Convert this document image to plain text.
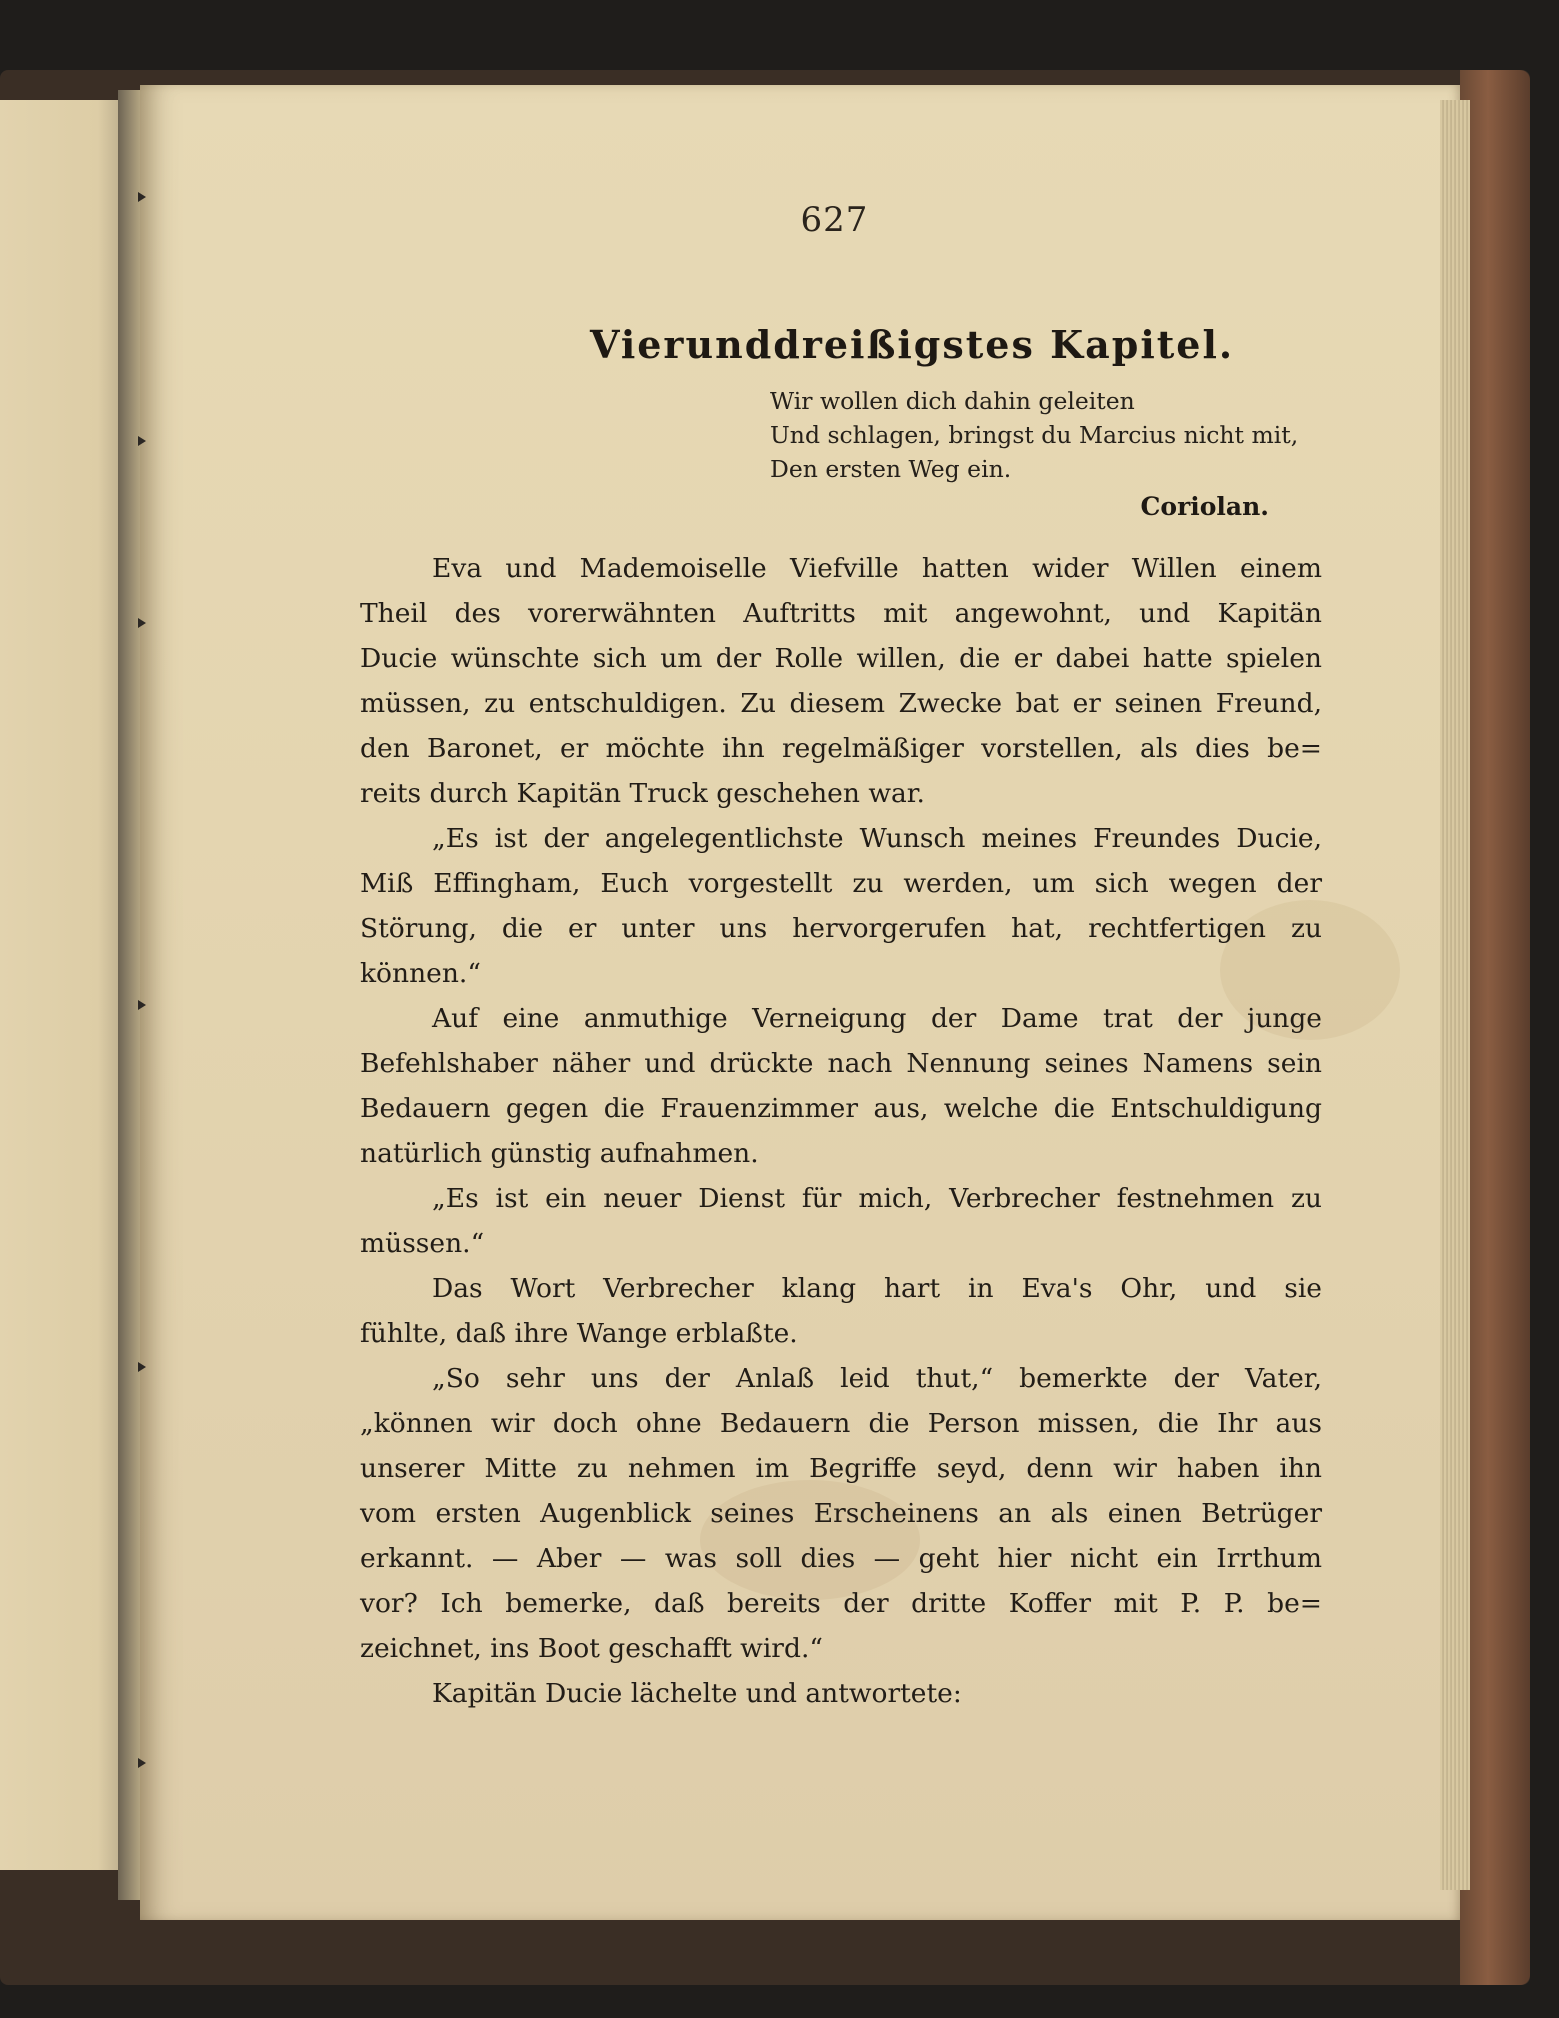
627
Vierunddreißigstes Kapitel.
Wir wollen dich dahin geleiten
Und schlagen, bringst du Marcius nicht mit,
Den ersten Weg ein.
Coriolan.
Eva und Mademoiselle Viefville hatten wider Willen einem
Theil des vorerwähnten Auftritts mit angewohnt, und Kapitän
Ducie wünschte sich um der Rolle willen, die er dabei hatte spielen
müssen, zu entschuldigen. Zu diesem Zwecke bat er seinen Freund,
den Baronet, er möchte ihn regelmäßiger vorstellen, als dies be=
reits durch Kapitän Truck geschehen war.
„Es ist der angelegentlichste Wunsch meines Freundes Ducie,
Miß Effingham, Euch vorgestellt zu werden, um sich wegen der
Störung, die er unter uns hervorgerufen hat, rechtfertigen zu
können.“
Auf eine anmuthige Verneigung der Dame trat der junge
Befehlshaber näher und drückte nach Nennung seines Namens sein
Bedauern gegen die Frauenzimmer aus, welche die Entschuldigung
natürlich günstig aufnahmen.
„Es ist ein neuer Dienst für mich, Verbrecher festnehmen zu
müssen.“
Das Wort Verbrecher klang hart in Eva's Ohr, und sie
fühlte, daß ihre Wange erblaßte.
„So sehr uns der Anlaß leid thut,“ bemerkte der Vater,
„können wir doch ohne Bedauern die Person missen, die Ihr aus
unserer Mitte zu nehmen im Begriffe seyd, denn wir haben ihn
vom ersten Augenblick seines Erscheinens an als einen Betrüger
erkannt. — Aber — was soll dies — geht hier nicht ein Irrthum
vor? Ich bemerke, daß bereits der dritte Koffer mit P. P. be=
zeichnet, ins Boot geschafft wird.“
Kapitän Ducie lächelte und antwortete:
